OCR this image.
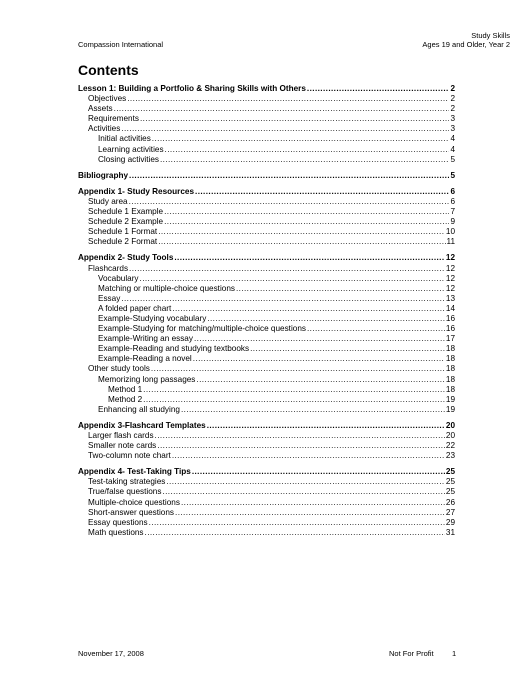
Study Skills
Ages 19 and Older, Year 2
Compassion International
Contents
Lesson 1: Building a Portfolio & Sharing Skills with Others .....	2
Objectives .....	2
Assets .....	2
Requirements .....	3
Activities .....	3
Initial activities .....	4
Learning activities .....	4
Closing activities .....	5
Bibliography .....	5
Appendix 1- Study Resources .....	6
Study area .....	6
Schedule 1 Example .....	7
Schedule 2 Example .....	9
Schedule 1 Format .....	10
Schedule 2 Format .....	11
Appendix 2- Study Tools .....	12
Flashcards .....	12
Vocabulary .....	12
Matching or multiple-choice questions .....	12
Essay .....	13
A folded paper chart .....	14
Example-Studying vocabulary .....	16
Example-Studying for matching/multiple-choice questions .....	16
Example-Writing an essay .....	17
Example-Reading and studying textbooks .....	18
Example-Reading a novel .....	18
Other study tools .....	18
Memorizing long passages .....	18
Method 1 .....	18
Method 2 .....	19
Enhancing all studying .....	19
Appendix 3-Flashcard Templates .....	20
Larger flash cards .....	20
Smaller note cards .....	22
Two-column note chart .....	23
Appendix 4- Test-Taking Tips .....	25
Test-taking strategies .....	25
True/false questions .....	25
Multiple-choice questions .....	26
Short-answer questions .....	27
Essay questions .....	29
Math questions .....	31
November 17, 2008	Not For Profit 1
